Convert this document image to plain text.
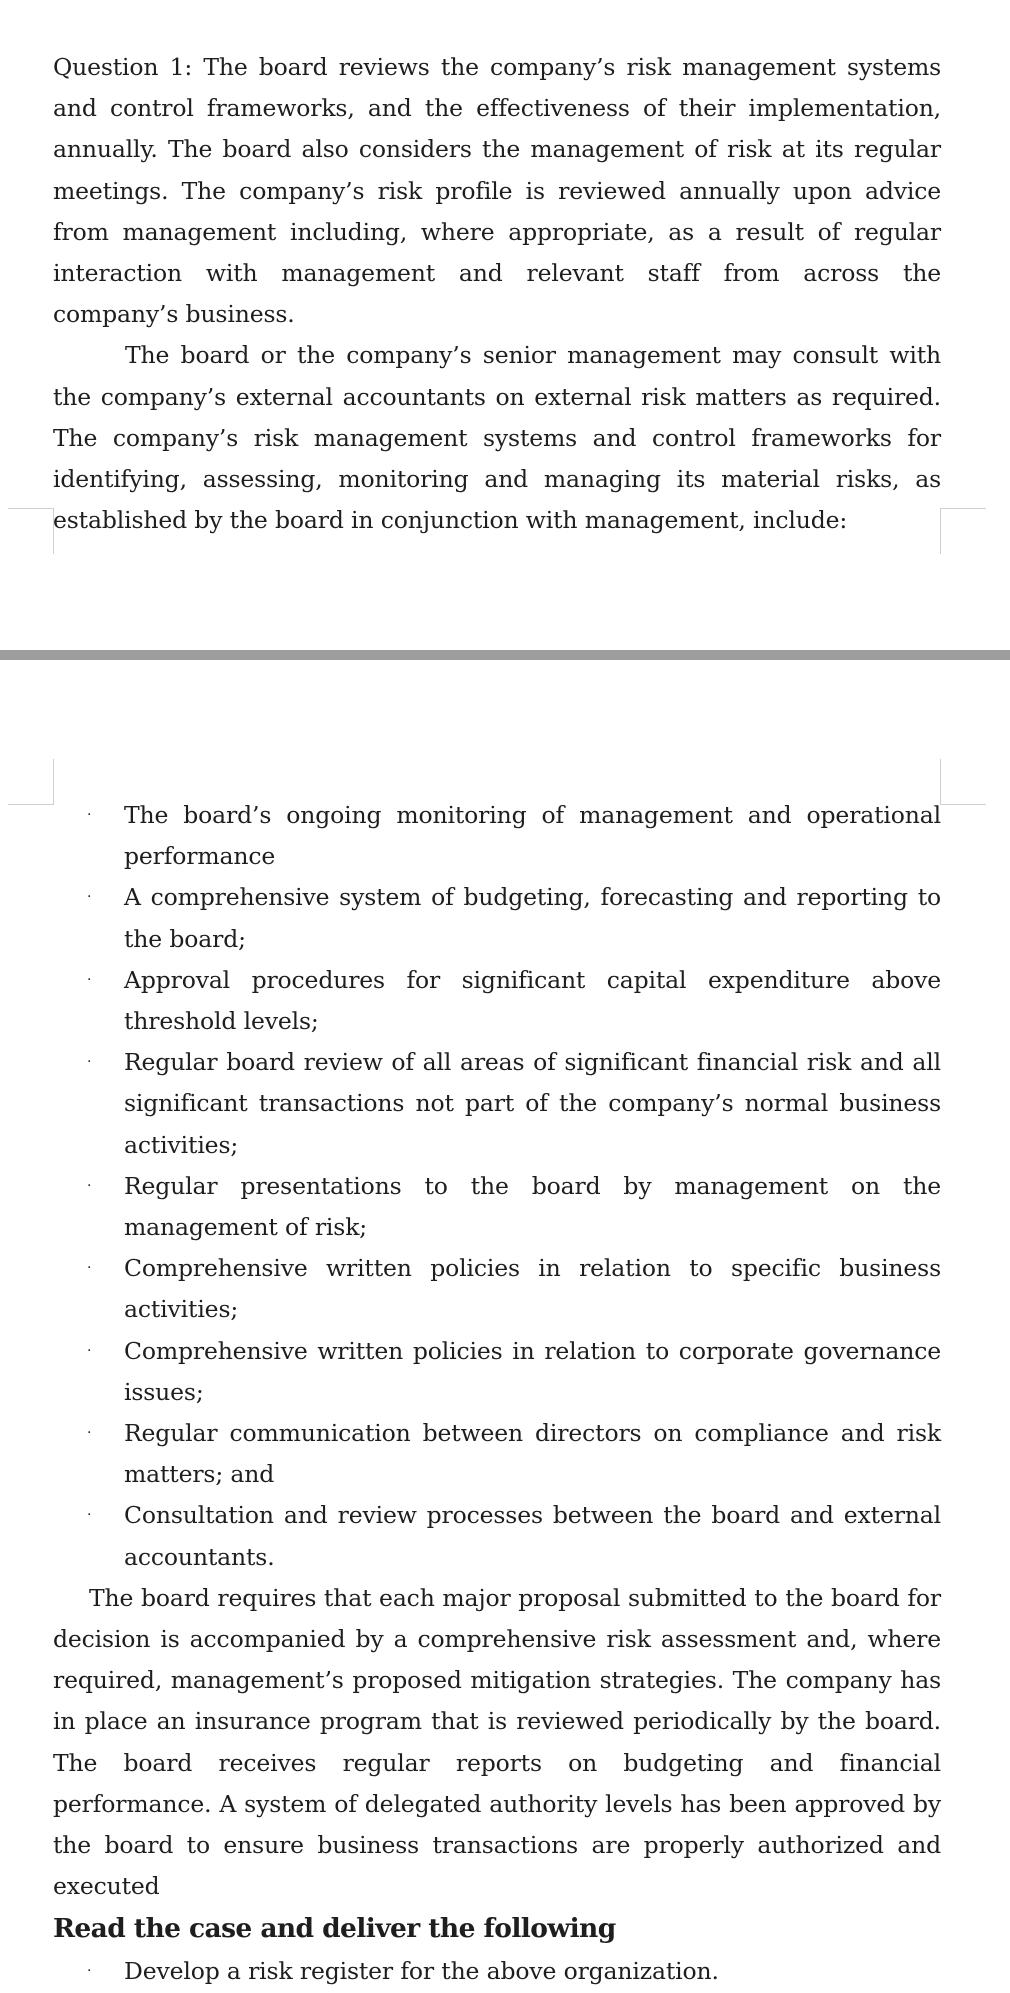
Question 1: The board reviews the company’s risk management systems and control frameworks, and the effectiveness of their implementation, annually. The board also considers the management of risk at its regular meetings. The company’s risk profile is reviewed annually upon advice from management including, where appropriate, as a result of regular interaction with management and relevant staff from across the company’s business.

The board or the company’s senior management may consult with the company’s external accountants on external risk matters as required. The company’s risk management systems and control frameworks for identifying, assessing, monitoring and managing its material risks, as established by the board in conjunction with management, include:

· The board’s ongoing monitoring of management and operational performance
· A comprehensive system of budgeting, forecasting and reporting to the board;
· Approval procedures for significant capital expenditure above threshold levels;
· Regular board review of all areas of significant financial risk and all significant transactions not part of the company’s normal business activities;
· Regular presentations to the board by management on the management of risk;
· Comprehensive written policies in relation to specific business activities;
· Comprehensive written policies in relation to corporate governance issues;
· Regular communication between directors on compliance and risk matters; and
· Consultation and review processes between the board and external accountants.

The board requires that each major proposal submitted to the board for decision is accompanied by a comprehensive risk assessment and, where required, management’s proposed mitigation strategies. The company has in place an insurance program that is reviewed periodically by the board. The board receives regular reports on budgeting and financial performance. A system of delegated authority levels has been approved by the board to ensure business transactions are properly authorized and executed

Read the case and deliver the following
· Develop a risk register for the above organization.
